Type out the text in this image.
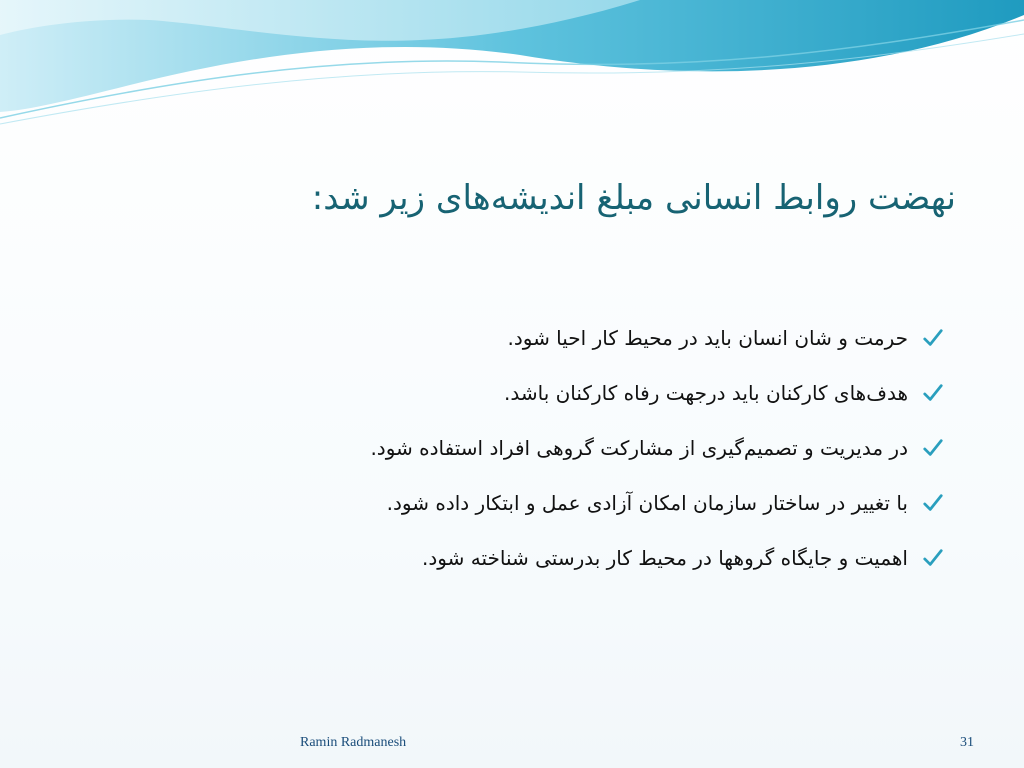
نهضت روابط انسانی مبلغ اندیشه‌های زیر شد:
حرمت و شان انسان باید در محیط کار احیا شود.
هدف‌های کارکنان باید درجهت رفاه کارکنان باشد.
در مدیریت و تصمیم‌گیری از مشارکت گروهی افراد استفاده شود.
با تغییر در ساختار سازمان امکان آزادی عمل و ابتکار داده شود.
اهمیت و جایگاه گروهها در محیط کار بدرستی شناخته شود.
Ramin Radmanesh	31
